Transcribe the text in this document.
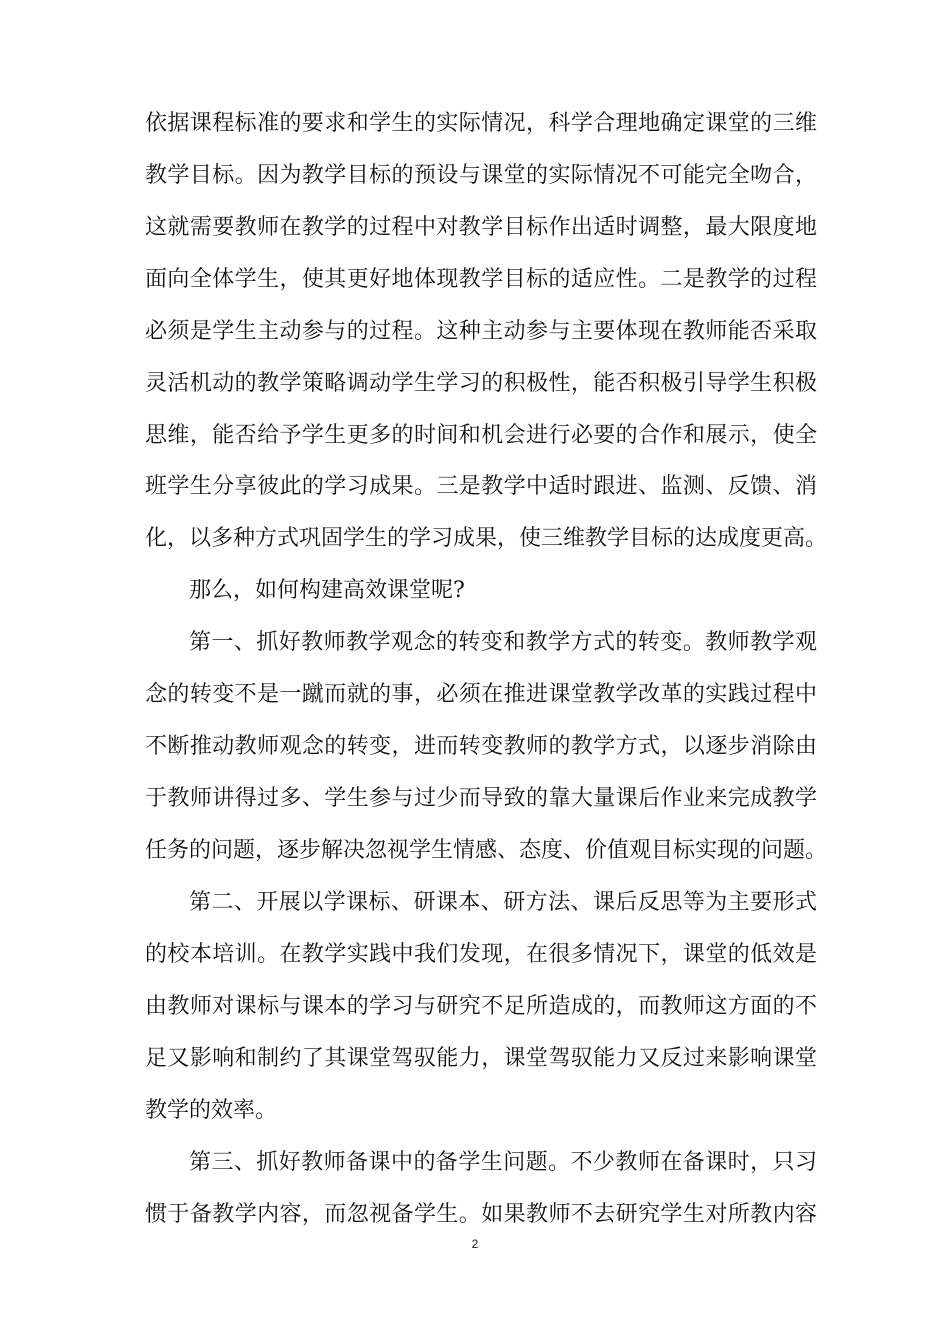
依据课程标准的要求和学生的实际情况，科学合理地确定课堂的三维
教学目标。因为教学目标的预设与课堂的实际情况不可能完全吻合，
这就需要教师在教学的过程中对教学目标作出适时调整，最大限度地
面向全体学生，使其更好地体现教学目标的适应性。二是教学的过程
必须是学生主动参与的过程。这种主动参与主要体现在教师能否采取
灵活机动的教学策略调动学生学习的积极性，能否积极引导学生积极
思维，能否给予学生更多的时间和机会进行必要的合作和展示，使全
班学生分享彼此的学习成果。三是教学中适时跟进、监测、反馈、消
化，以多种方式巩固学生的学习成果，使三维教学目标的达成度更高。
那么，如何构建高效课堂呢?
第一、抓好教师教学观念的转变和教学方式的转变。教师教学观
念的转变不是一蹴而就的事，必须在推进课堂教学改革的实践过程中
不断推动教师观念的转变，进而转变教师的教学方式，以逐步消除由
于教师讲得过多、学生参与过少而导致的靠大量课后作业来完成教学
任务的问题，逐步解决忽视学生情感、态度、价值观目标实现的问题。
第二、开展以学课标、研课本、研方法、课后反思等为主要形式
的校本培训。在教学实践中我们发现，在很多情况下，课堂的低效是
由教师对课标与课本的学习与研究不足所造成的，而教师这方面的不
足又影响和制约了其课堂驾驭能力，课堂驾驭能力又反过来影响课堂
教学的效率。
第三、抓好教师备课中的备学生问题。不少教师在备课时，只习
惯于备教学内容，而忽视备学生。如果教师不去研究学生对所教内容
2
